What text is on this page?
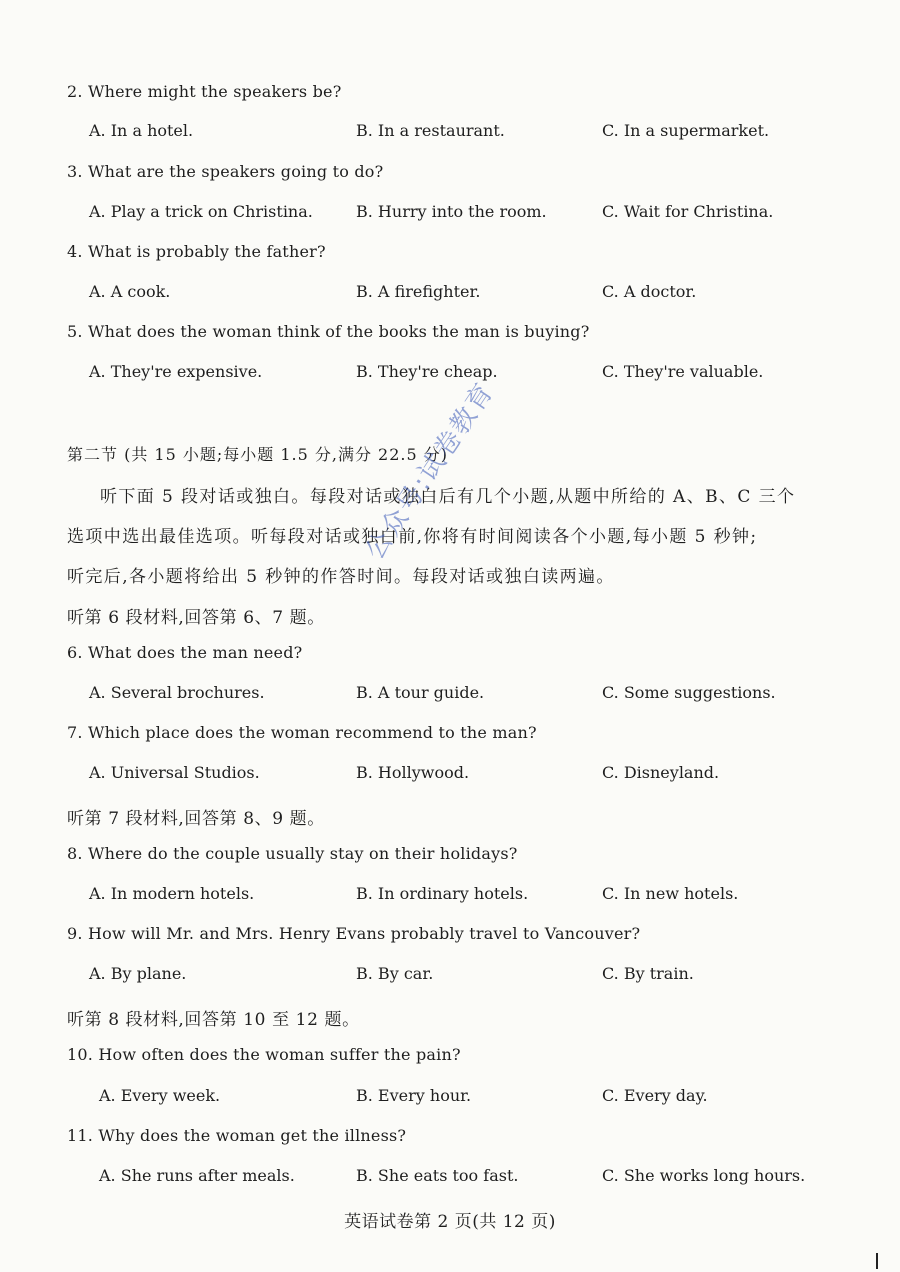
2. Where might the speakers be?
A. In a hotel.	B. In a restaurant.	C. In a supermarket.
3. What are the speakers going to do?
A. Play a trick on Christina.	B. Hurry into the room.	C. Wait for Christina.
4. What is probably the father?
A. A cook.	B. A firefighter.	C. A doctor.
5. What does the woman think of the books the man is buying?
A. They're expensive.	B. They're cheap.	C. They're valuable.
第二节 (共 15 小题;每小题 1.5 分,满分 22.5 分)
听下面 5 段对话或独白。每段对话或独白后有几个小题,从题中所给的 A、B、C 三个
选项中选出最佳选项。听每段对话或独白前,你将有时间阅读各个小题,每小题 5 秒钟;
听完后,各小题将给出 5 秒钟的作答时间。每段对话或独白读两遍。
听第 6 段材料,回答第 6、7 题。
6. What does the man need?
A. Several brochures.	B. A tour guide.	C. Some suggestions.
7. Which place does the woman recommend to the man?
A. Universal Studios.	B. Hollywood.	C. Disneyland.
听第 7 段材料,回答第 8、9 题。
8. Where do the couple usually stay on their holidays?
A. In modern hotels.	B. In ordinary hotels.	C. In new hotels.
9. How will Mr. and Mrs. Henry Evans probably travel to Vancouver?
A. By plane.	B. By car.	C. By train.
听第 8 段材料,回答第 10 至 12 题。
10. How often does the woman suffer the pain?
A. Every week.	B. Every hour.	C. Every day.
11. Why does the woman get the illness?
A. She runs after meals.	B. She eats too fast.	C. She works long hours.
英语试卷第 2 页(共 12 页)
公众号:试卷教育
